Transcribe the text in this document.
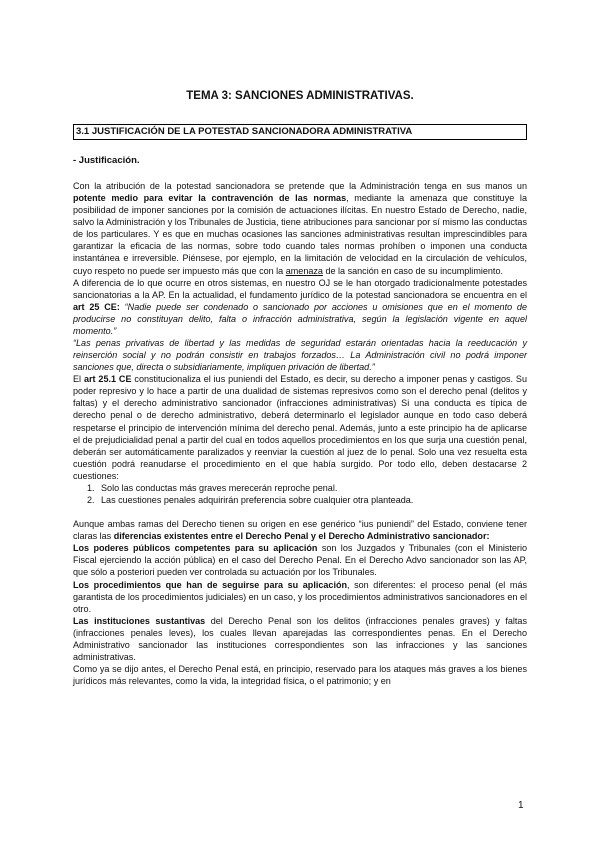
TEMA 3: SANCIONES ADMINISTRATIVAS.
3.1 JUSTIFICACIÓN DE LA POTESTAD SANCIONADORA ADMINISTRATIVA
- Justificación.

Con la atribución de la potestad sancionadora se pretende que la Administración tenga en sus manos un potente medio para evitar la contravención de las normas, mediante la amenaza que constituye la posibilidad de imponer sanciones por la comisión de actuaciones ilícitas. En nuestro Estado de Derecho, nadie, salvo la Administración y los Tribunales de Justicia, tiene atribuciones para sancionar por sí mismo las conductas de los particulares. Y es que en muchas ocasiones las sanciones administrativas resultan imprescindibles para garantizar la eficacia de las normas, sobre todo cuando tales normas prohíben o imponen una conducta instantánea e irreversible. Piénsese, por ejemplo, en la limitación de velocidad en la circulación de vehículos, cuyo respeto no puede ser impuesto más que con la amenaza de la sanción en caso de su incumplimiento.

A diferencia de lo que ocurre en otros sistemas, en nuestro OJ se le han otorgado tradicionalmente potestades sancionatorias a la AP. En la actualidad, el fundamento jurídico de la potestad sancionadora se encuentra en el art 25 CE: “Nadie puede ser condenado o sancionado por acciones u omisiones que en el momento de producirse no constituyan delito, falta o infracción administrativa, según la legislación vigente en aquel momento.”

“Las penas privativas de libertad y las medidas de seguridad estarán orientadas hacia la reeducación y reinserción social y no podrán consistir en trabajos forzados… La Administración civil no podrá imponer sanciones que, directa o subsidiariamente, impliquen privación de libertad.”

El art 25.1 CE constitucionaliza el ius puniendi del Estado, es decir, su derecho a imponer penas y castigos. Su poder represivo y lo hace a partir de una dualidad de sistemas represivos como son el derecho penal (delitos y faltas) y el derecho administrativo sancionador (infracciones administrativas) Si una conducta es típica de derecho penal o de derecho administrativo, deberá determinarlo el legislador aunque en todo caso deberá respetarse el principio de intervención mínima del derecho penal. Además, junto a este principio ha de aplicarse el de prejudicialidad penal a partir del cual en todos aquellos procedimientos en los que surja una cuestión penal, deberán ser automáticamente paralizados y reenviar la cuestión al juez de lo penal. Solo una vez resuelta esta cuestión podrá reanudarse el procedimiento en el que había surgido. Por todo ello, deben destacarse 2 cuestiones:

1. Solo las conductas más graves merecerán reproche penal.
2. Las cuestiones penales adquirirán preferencia sobre cualquier otra planteada.

Aunque ambas ramas del Derecho tienen su origen en ese genérico “ius puniendi” del Estado, conviene tener claras las diferencias existentes entre el Derecho Penal y el Derecho Administrativo sancionador:

Los poderes públicos competentes para su aplicación son los Juzgados y Tribunales (con el Ministerio Fiscal ejerciendo la acción pública) en el caso del Derecho Penal. En el Derecho Advo sancionador son las AP, que sólo a posteriori pueden ver controlada su actuación por los Tribunales.

Los procedimientos que han de seguirse para su aplicación, son diferentes: el proceso penal (el más garantista de los procedimientos judiciales) en un caso, y los procedimientos administrativos sancionadores en el otro.

Las instituciones sustantivas del Derecho Penal son los delitos (infracciones penales graves) y faltas (infracciones penales leves), los cuales llevan aparejadas las correspondientes penas. En el Derecho Administrativo sancionador las instituciones correspondientes son las infracciones y las sanciones administrativas.

Como ya se dijo antes, el Derecho Penal está, en principio, reservado para los ataques más graves a los bienes jurídicos más relevantes, como la vida, la integridad física, o el patrimonio; y en

1
